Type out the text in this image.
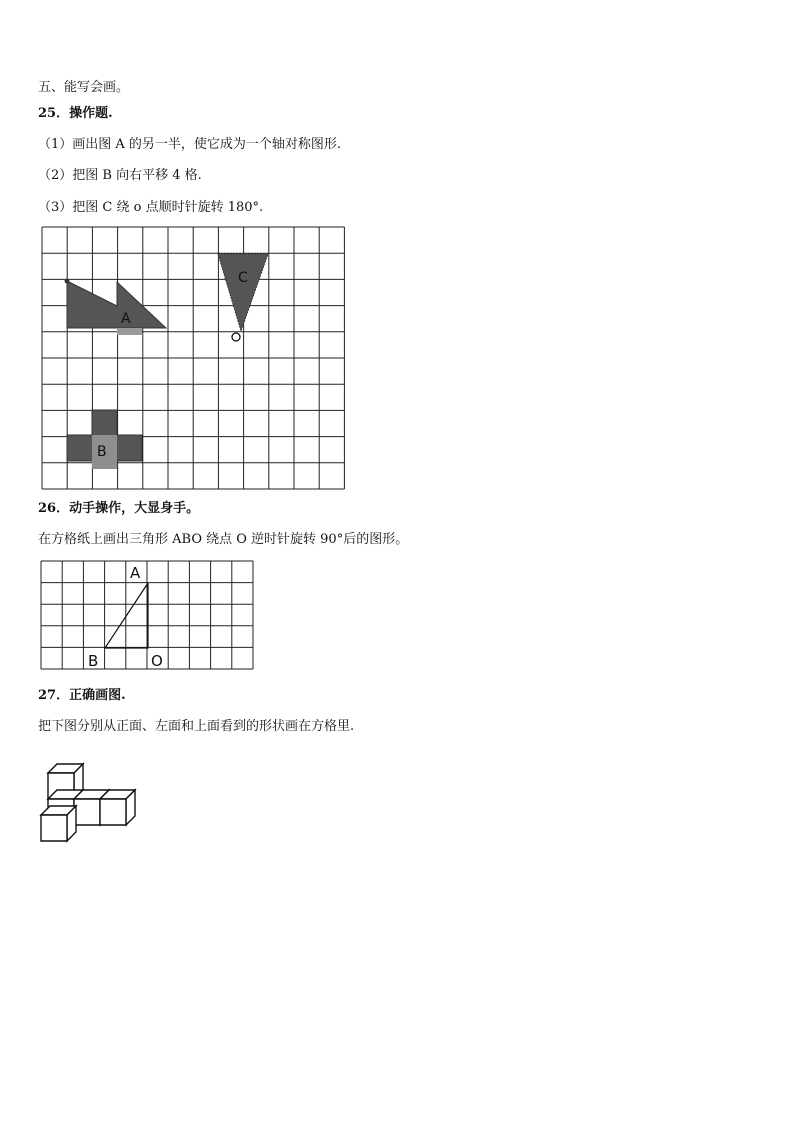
五、能写会画。
25．操作题.
（1）画出图 A 的另一半，使它成为一个轴对称图形.
（2）把图 B 向右平移 4 格.
（3）把图 C 绕 o 点顺时针旋转 180°.
A
C
B
26．动手操作，大显身手。
在方格纸上画出三角形 ABO 绕点 O 逆时针旋转 90°后的图形。
A
B	O
27．正确画图.
把下图分别从正面、左面和上面看到的形状画在方格里.
